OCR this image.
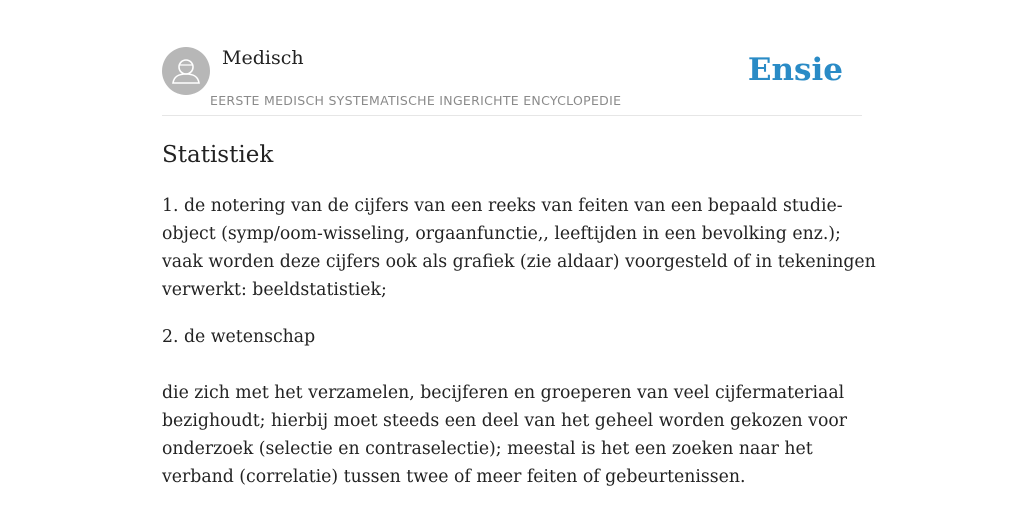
Medisch
EERSTE MEDISCH SYSTEMATISCHE INGERICHTE ENCYCLOPEDIE
Ensie
Statistiek
1. de notering van de cijfers van een reeks van feiten van een bepaald studie-
object (symp/oom-wisseling, orgaanfunctie,, leeftijden in een bevolking enz.);
vaak worden deze cijfers ook als grafiek (zie aldaar) voorgesteld of in tekeningen
verwerkt: beeldstatistiek;
2. de wetenschap
die zich met het verzamelen, becijferen en groeperen van veel cijfermateriaal
bezighoudt; hierbij moet steeds een deel van het geheel worden gekozen voor
onderzoek (selectie en contraselectie); meestal is het een zoeken naar het
verband (correlatie) tussen twee of meer feiten of gebeurtenissen.
